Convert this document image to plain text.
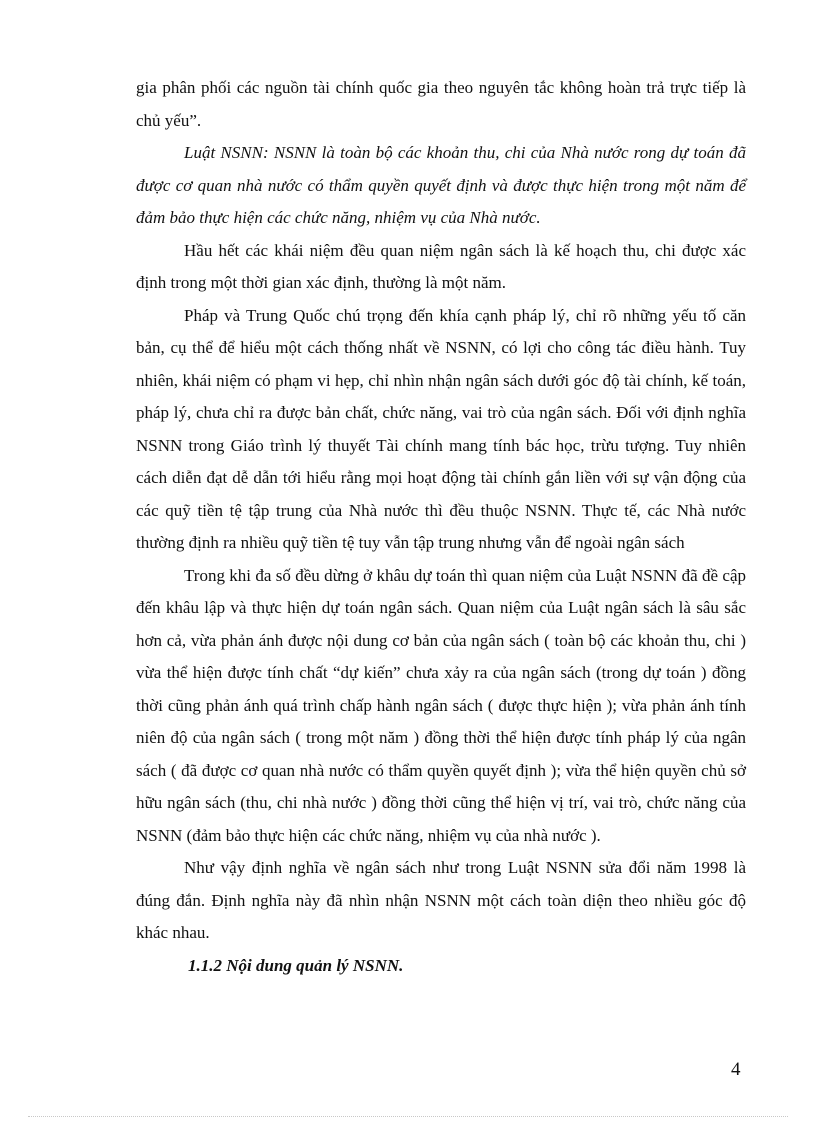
gia phân phối các nguồn tài chính quốc gia theo nguyên tắc không hoàn trả trực tiếp là chủ yếu”.

Luật NSNN: NSNN là toàn bộ các khoản thu, chi của Nhà nước rong dự toán đã được cơ quan nhà nước có thẩm quyền quyết định và được thực hiện trong một năm để đảm bảo thực hiện các chức năng, nhiệm vụ của Nhà nước.

Hầu hết các khái niệm đều quan niệm ngân sách là kế hoạch thu, chi được xác định trong một thời gian xác định, thường là một năm.

Pháp và Trung Quốc chú trọng đến khía cạnh pháp lý, chỉ rõ những yếu tố căn bản, cụ thể để hiểu một cách thống nhất về NSNN, có lợi cho công tác điều hành. Tuy nhiên, khái niệm có phạm vi hẹp, chỉ nhìn nhận ngân sách dưới góc độ tài chính, kế toán, pháp lý, chưa chỉ ra được bản chất, chức năng, vai trò của ngân sách. Đối với định nghĩa NSNN trong Giáo trình lý thuyết Tài chính mang tính bác học, trừu tượng. Tuy nhiên cách diễn đạt dễ dẫn tới hiểu rằng mọi hoạt động tài chính gắn liền với sự vận động của các quỹ tiền tệ tập trung của Nhà nước thì đều thuộc NSNN. Thực tế, các Nhà nước thường định ra nhiều quỹ tiền tệ tuy vẫn tập trung nhưng vẫn để ngoài ngân sách

Trong khi đa số đều dừng ở khâu dự toán thì quan niệm của Luật NSNN đã đề cập đến khâu lập và thực hiện dự toán ngân sách. Quan niệm của Luật ngân sách là sâu sắc hơn cả, vừa phản ánh được nội dung cơ bản của ngân sách ( toàn bộ các khoản thu, chi ) vừa thể hiện được tính chất “dự kiến” chưa xảy ra của ngân sách (trong dự toán ) đồng thời cũng phản ánh quá trình chấp hành ngân sách ( được thực hiện ); vừa phản ánh tính niên độ của ngân sách ( trong một năm ) đồng thời thể hiện được tính pháp lý của ngân sách ( đã được cơ quan nhà nước có thẩm quyền quyết định ); vừa thể hiện quyền chủ sở hữu ngân sách (thu, chi nhà nước ) đồng thời cũng thể hiện vị trí, vai trò, chức năng của NSNN (đảm bảo thực hiện các chức năng, nhiệm vụ của nhà nước ).

Như vậy định nghĩa về ngân sách như trong Luật NSNN sửa đổi năm 1998 là đúng đắn. Định nghĩa này đã nhìn nhận NSNN một cách toàn diện theo nhiều góc độ khác nhau.

1.1.2 Nội dung quản lý NSNN.

4
